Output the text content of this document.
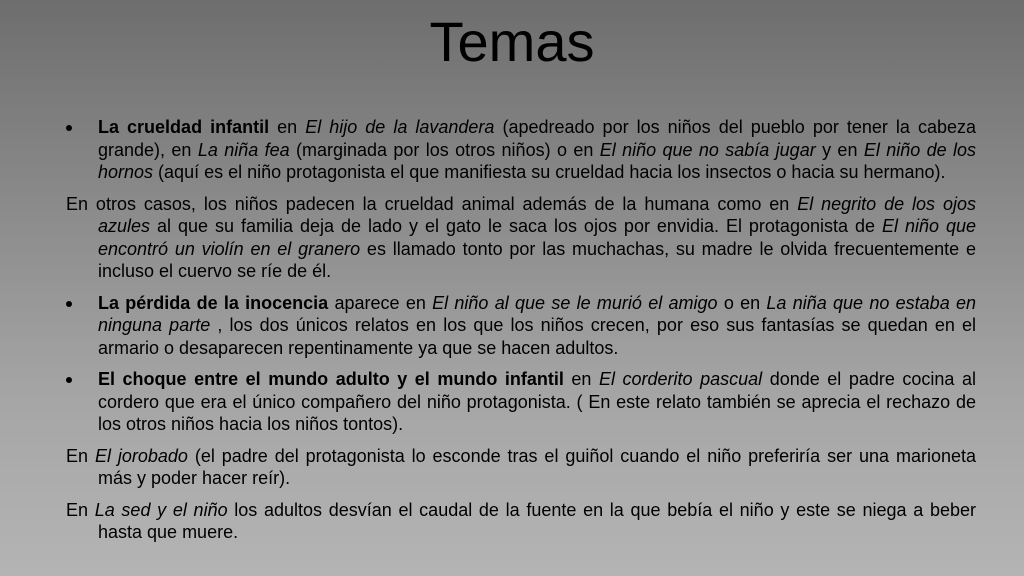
Temas

La crueldad infantil en El hijo de la lavandera (apedreado por los niños del pueblo por tener la cabeza grande), en La niña fea (marginada por los otros niños) o en El niño que no sabía jugar y en El niño de los hornos (aquí es el niño protagonista el que manifiesta su crueldad hacia los insectos o hacia su hermano).

En otros casos, los niños padecen la crueldad animal además de la humana como en El negrito de los ojos azules al que su familia deja de lado y el gato le saca los ojos por envidia. El protagonista de El niño que encontró un violín en el granero es llamado tonto por las muchachas, su madre le olvida frecuentemente e incluso el cuervo se ríe de él.

La pérdida de la inocencia aparece en El niño al que se le murió el amigo o en La niña que no estaba en ninguna parte , los dos únicos relatos en los que los niños crecen, por eso sus fantasías se quedan en el armario o desaparecen repentinamente ya que se hacen adultos.

El choque entre el mundo adulto y el mundo infantil en El corderito pascual donde el padre cocina al cordero que era el único compañero del niño protagonista. ( En este relato también se aprecia el rechazo de los otros niños hacia los niños tontos).

En El jorobado (el padre del protagonista lo esconde tras el guiñol cuando el niño preferiría ser una marioneta más y poder hacer reír).

En La sed y el niño los adultos desvían el caudal de la fuente en la que bebía el niño y este se niega a beber hasta que muere.
